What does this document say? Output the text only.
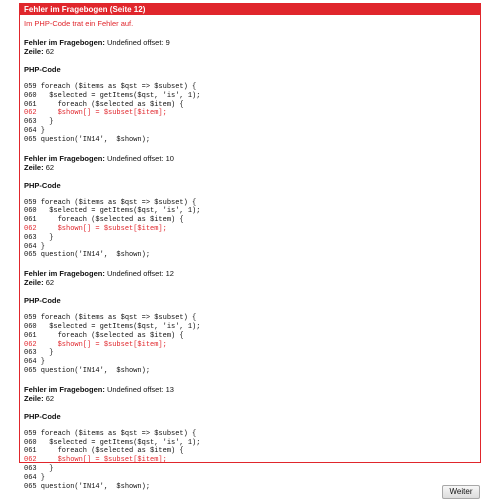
Fehler im Fragebogen (Seite 12)
Im PHP-Code trat ein Fehler auf.
Fehler im Fragebogen: Undefined offset: 9
Zeile: 62
PHP-Code
059 foreach ($items as $qst => $subset) {
060   $selected = getItems($qst, 'is', 1);
061     foreach ($selected as $item) {
062     $shown[] = $subset[$item];
063   }
064 }
065 question('IN14',  $shown);
Fehler im Fragebogen: Undefined offset: 10
Zeile: 62
PHP-Code
059 foreach ($items as $qst => $subset) {
060   $selected = getItems($qst, 'is', 1);
061     foreach ($selected as $item) {
062     $shown[] = $subset[$item];
063   }
064 }
065 question('IN14',  $shown);
Fehler im Fragebogen: Undefined offset: 12
Zeile: 62
PHP-Code
059 foreach ($items as $qst => $subset) {
060   $selected = getItems($qst, 'is', 1);
061     foreach ($selected as $item) {
062     $shown[] = $subset[$item];
063   }
064 }
065 question('IN14',  $shown);
Fehler im Fragebogen: Undefined offset: 13
Zeile: 62
PHP-Code
059 foreach ($items as $qst => $subset) {
060   $selected = getItems($qst, 'is', 1);
061     foreach ($selected as $item) {
062     $shown[] = $subset[$item];
063   }
064 }
065 question('IN14',  $shown);
Weiter
